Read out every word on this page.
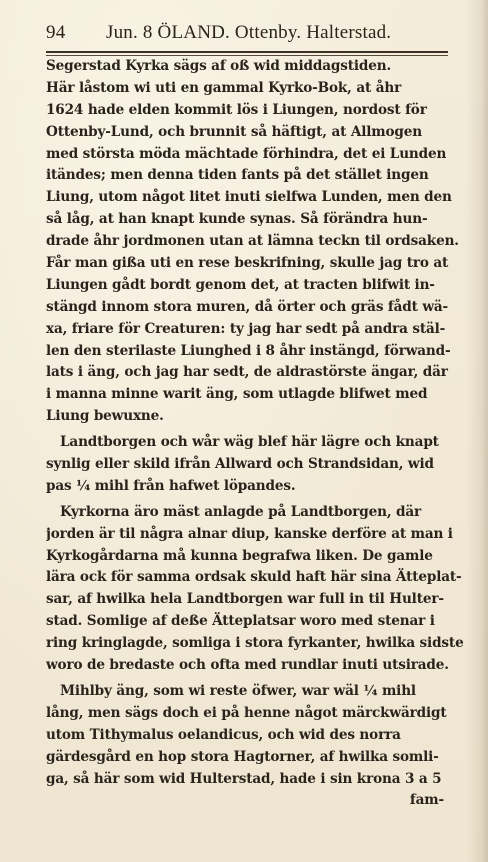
94 Jun. 8 ÖLAND. Ottenby. Halterstad.
Segerstad Kyrka sägs af oß wid middagstiden.
Här låstom wi uti en gammal Kyrko-Bok, at åhr
1624 hade elden kommit lös i Liungen, nordost för
Ottenby-Lund, och brunnit så häftigt, at Allmogen
med största möda mächtade förhindra, det ei Lunden
itändes; men denna tiden fants på det stället ingen
Liung, utom något litet inuti sielfwa Lunden, men den
så låg, at han knapt kunde synas. Så förändra hun-
drade åhr jordmonen utan at lämna teckn til ordsaken.
Får man gißa uti en rese beskrifning, skulle jag tro at
Liungen gådt bordt genom det, at tracten blifwit in-
stängd innom stora muren, då örter och gräs fådt wä-
xa, friare för Creaturen: ty jag har sedt på andra stäl-
len den sterilaste Liunghed i 8 åhr instängd, förwand-
lats i äng, och jag har sedt, de aldrastörste ängar, där
i manna minne warit äng, som utlagde blifwet med
Liung bewuxne.
Landtborgen och wår wäg blef här lägre och knapt
synlig eller skild ifrån Allward och Strandsidan, wid
pas ¼ mihl från hafwet löpandes.
Kyrkorna äro mäst anlagde på Landtborgen, där
jorden är til några alnar diup, kanske derföre at man i
Kyrkogårdarna må kunna begrafwa liken. De gamle
lära ock för samma ordsak skuld haft här sina Ätteplat-
sar, af hwilka hela Landtborgen war full in til Hulter-
stad. Somlige af deße Ätteplatsar woro med stenar i
ring kringlagde, somliga i stora fyrkanter, hwilka sidste
woro de bredaste och ofta med rundlar inuti utsirade.
Mihlby äng, som wi reste öfwer, war wäl ¼ mihl
lång, men sägs doch ei på henne något märckwärdigt
utom Tithymalus oelandicus, och wid des norra
gärdesgård en hop stora Hagtorner, af hwilka somli-
ga, så här som wid Hulterstad, hade i sin krona 3 a 5
fam-
